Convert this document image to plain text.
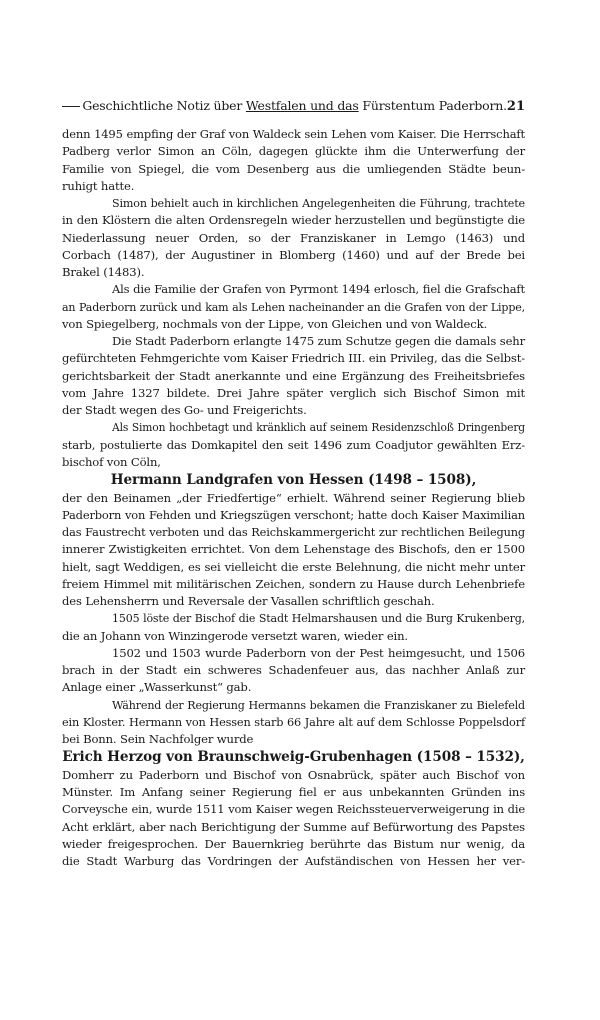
Geschichtliche Notiz über Westfalen und das Fürstentum Paderborn. 21
denn 1495 empfing der Graf von Waldeck sein Lehen vom Kaiser. Die Herrschaft
Padberg verlor Simon an Cöln, dagegen glückte ihm die Unterwerfung der
Familie von Spiegel, die vom Desenberg aus die umliegenden Städte beun-
ruhigt hatte.
Simon behielt auch in kirchlichen Angelegenheiten die Führung, trachtete
in den Klöstern die alten Ordensregeln wieder herzustellen und begünstigte die
Niederlassung neuer Orden, so der Franziskaner in Lemgo (1463) und
Corbach (1487), der Augustiner in Blomberg (1460) und auf der Brede bei
Brakel (1483).
Als die Familie der Grafen von Pyrmont 1494 erlosch, fiel die Grafschaft
an Paderborn zurück und kam als Lehen nacheinander an die Grafen von der Lippe,
von Spiegelberg, nochmals von der Lippe, von Gleichen und von Waldeck.
Die Stadt Paderborn erlangte 1475 zum Schutze gegen die damals sehr
gefürchteten Fehmgerichte vom Kaiser Friedrich III. ein Privileg, das die Selbst-
gerichtsbarkeit der Stadt anerkannte und eine Ergänzung des Freiheitsbriefes
vom Jahre 1327 bildete. Drei Jahre später verglich sich Bischof Simon mit
der Stadt wegen des Go- und Freigerichts.
Als Simon hochbetagt und kränklich auf seinem Residenzschloß Dringenberg
starb, postulierte das Domkapitel den seit 1496 zum Coadjutor gewählten Erz-
bischof von Cöln,
Hermann Landgrafen von Hessen (1498 – 1508),
der den Beinamen „der Friedfertige“ erhielt. Während seiner Regierung blieb
Paderborn von Fehden und Kriegszügen verschont; hatte doch Kaiser Maximilian
das Faustrecht verboten und das Reichskammergericht zur rechtlichen Beilegung
innerer Zwistigkeiten errichtet. Von dem Lehenstage des Bischofs, den er 1500
hielt, sagt Weddigen, es sei vielleicht die erste Belehnung, die nicht mehr unter
freiem Himmel mit militärischen Zeichen, sondern zu Hause durch Lehenbriefe
des Lehensherrn und Reversale der Vasallen schriftlich geschah.
1505 löste der Bischof die Stadt Helmarshausen und die Burg Krukenberg,
die an Johann von Winzingerode versetzt waren, wieder ein.
1502 und 1503 wurde Paderborn von der Pest heimgesucht, und 1506
brach in der Stadt ein schweres Schadenfeuer aus, das nachher Anlaß zur
Anlage einer „Wasserkunst“ gab.
Während der Regierung Hermanns bekamen die Franziskaner zu Bielefeld
ein Kloster. Hermann von Hessen starb 66 Jahre alt auf dem Schlosse Poppelsdorf
bei Bonn. Sein Nachfolger wurde
Erich Herzog von Braunschweig-Grubenhagen (1508 – 1532),
Domherr zu Paderborn und Bischof von Osnabrück, später auch Bischof von
Münster. Im Anfang seiner Regierung fiel er aus unbekannten Gründen ins
Corveysche ein, wurde 1511 vom Kaiser wegen Reichssteuerverweigerung in die
Acht erklärt, aber nach Berichtigung der Summe auf Befürwortung des Papstes
wieder freigesprochen. Der Bauernkrieg berührte das Bistum nur wenig, da
die Stadt Warburg das Vordringen der Aufständischen von Hessen her ver-
